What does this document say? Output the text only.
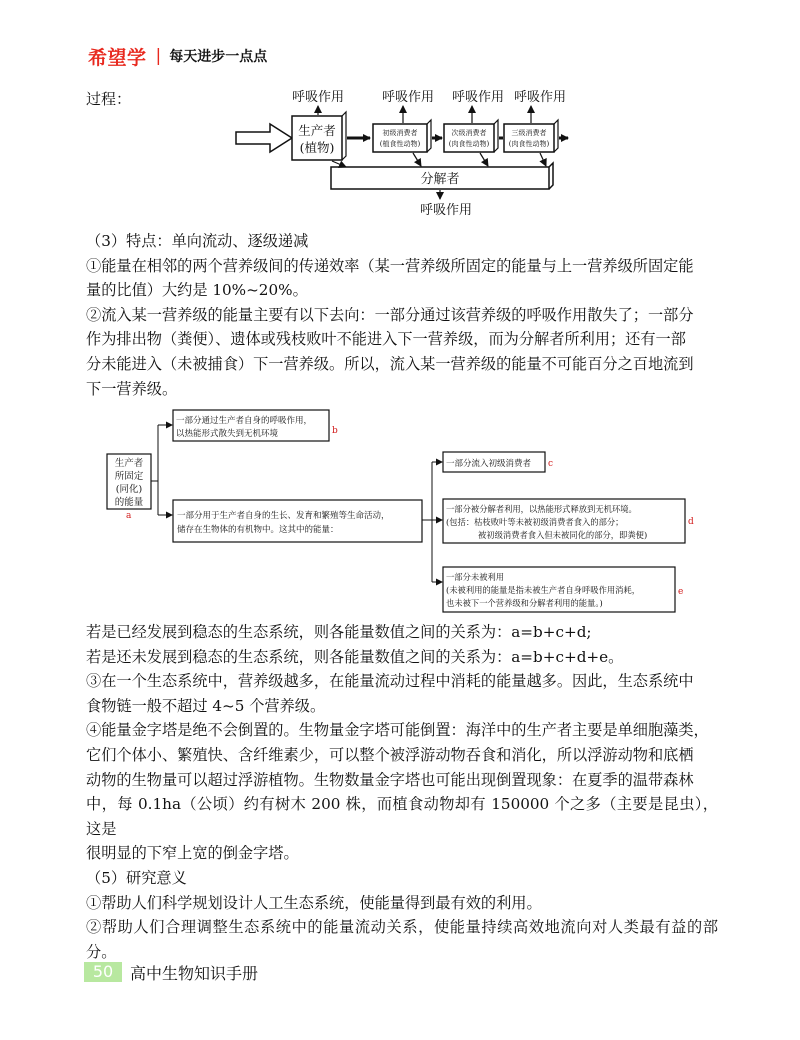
希望学 | 每天进步一点点
过程：
分解者
生产者
(植物)
初级消费者
(植食性动物)
次级消费者
(肉食性动物)
三级消费者
(肉食性动物)
呼吸作用	呼吸作用 呼吸作用 呼吸作用
呼吸作用

（3）特点：单向流动、逐级递减

①能量在相邻的两个营养级间的传递效率（某一营养级所固定的能量与上一营养级所固定能

量的比值）大约是 10%~20%。

②流入某一营养级的能量主要有以下去向：一部分通过该营养级的呼吸作用散失了；一部分

作为排出物（粪便）、遗体或残枝败叶不能进入下一营养级，而为分解者所利用；还有一部

分未能进入（未被捕食）下一营养级。所以，流入某一营养级的能量不可能百分之百地流到

下一营养级。

生产者
所固定
(同化)
的能量
a
一部分通过生产者自身的呼吸作用，
以热能形式散失到无机环境	b
一部分用于生产者自身的生长、发育和繁殖等生命活动，
储存在生物体的有机物中。这其中的能量：
一部分流入初级消费者 c
一部分被分解者利用，以热能形式释放到无机环境。
(包括：枯枝败叶等未被初级消费者食入的部分；
被初级消费者食入但未被同化的部分，即粪便)
d
一部分未被利用
(未被利用的能量是指未被生产者自身呼吸作用消耗，
也未被下一个营养级和分解者利用的能量。)
e

若是已经发展到稳态的生态系统，则各能量数值之间的关系为：a=b+c+d;

若是还未发展到稳态的生态系统，则各能量数值之间的关系为：a=b+c+d+e。

③在一个生态系统中，营养级越多，在能量流动过程中消耗的能量越多。因此，生态系统中

食物链一般不超过 4~5 个营养级。

④能量金字塔是绝不会倒置的。生物量金字塔可能倒置：海洋中的生产者主要是单细胞藻类，

它们个体小、繁殖快、含纤维素少，可以整个被浮游动物吞食和消化，所以浮游动物和底栖

动物的生物量可以超过浮游植物。生物数量金字塔也可能出现倒置现象：在夏季的温带森林

中，每 0.1ha（公顷）约有树木 200 株，而植食动物却有 150000 个之多（主要是昆虫），这是

很明显的下窄上宽的倒金字塔。

（5）研究意义

①帮助人们科学规划设计人工生态系统，使能量得到最有效的利用。

②帮助人们合理调整生态系统中的能量流动关系，使能量持续高效地流向对人类最有益的部分。

50	高中生物知识手册
